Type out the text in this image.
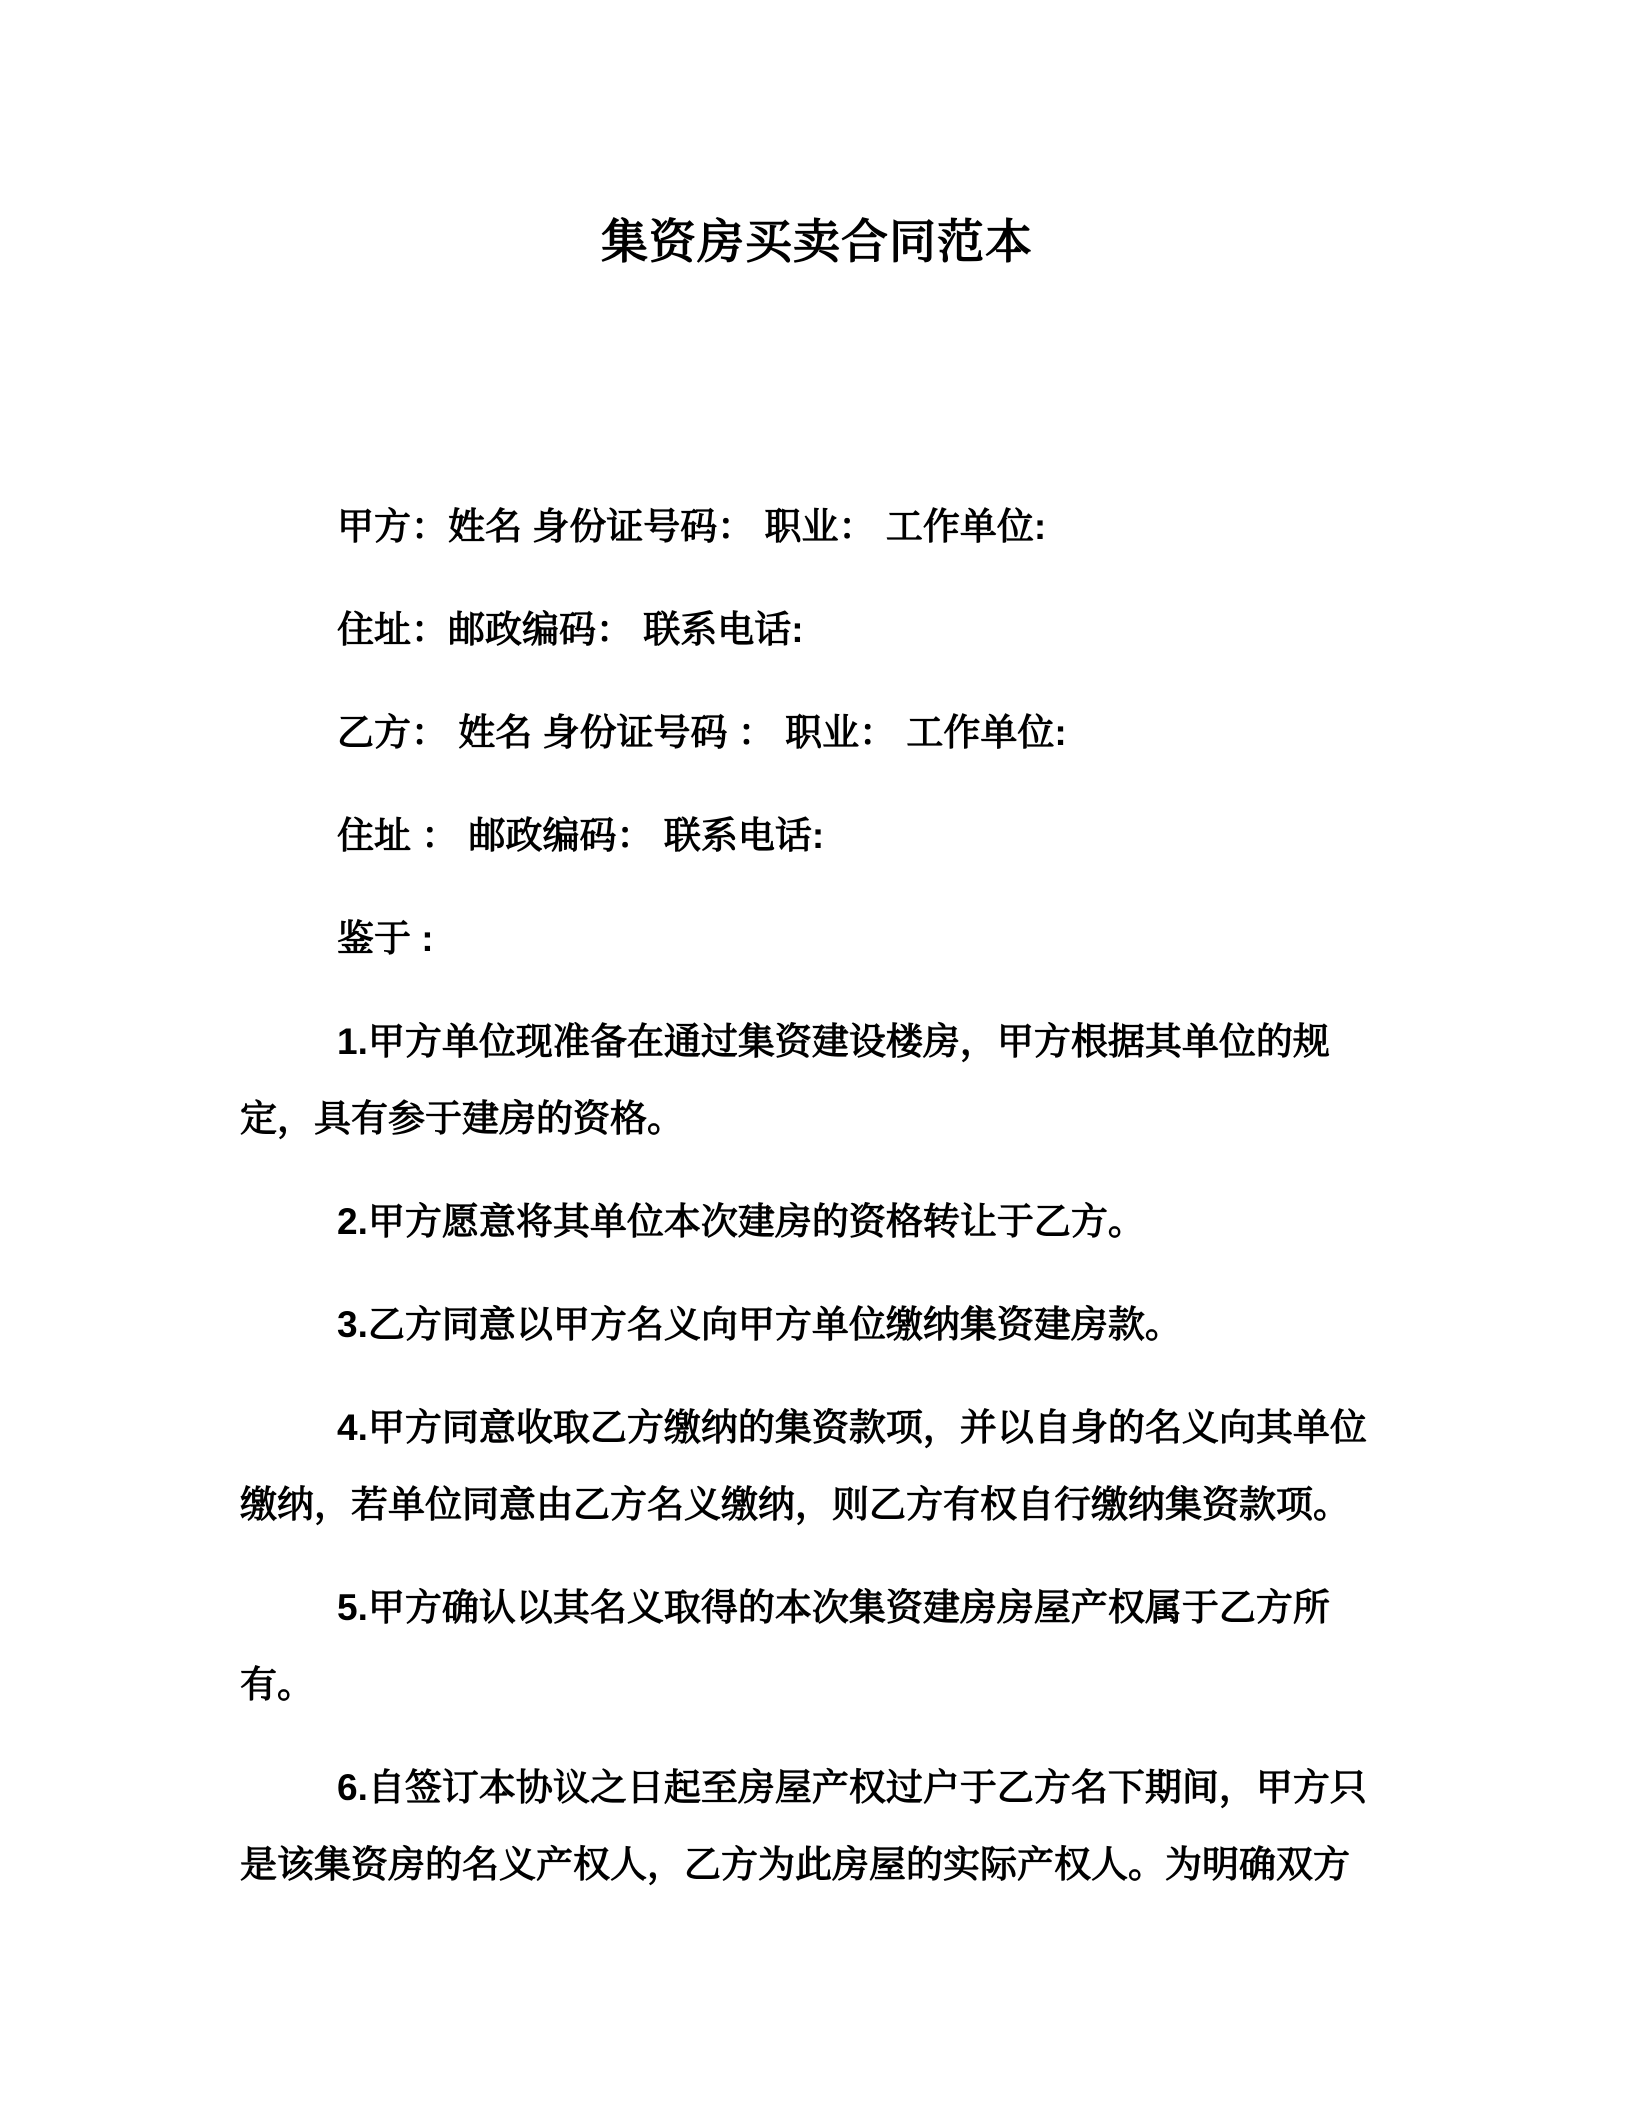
集资房买卖合同范本

甲方：姓名 身份证号码： 职业： 工作单位:

住址：邮政编码： 联系电话:

乙方： 姓名 身份证号码 ： 职业： 工作单位:

住址 ： 邮政编码： 联系电话:

鉴于 :

1.甲方单位现准备在通过集资建设楼房，甲方根据其单位的规定，具有参于建房的资格。

2.甲方愿意将其单位本次建房的资格转让于乙方。

3.乙方同意以甲方名义向甲方单位缴纳集资建房款。

4.甲方同意收取乙方缴纳的集资款项，并以自身的名义向其单位缴纳，若单位同意由乙方名义缴纳，则乙方有权自行缴纳集资款项。

5.甲方确认以其名义取得的本次集资建房房屋产权属于乙方所有。

6.自签订本协议之日起至房屋产权过户于乙方名下期间，甲方只是该集资房的名义产权人，乙方为此房屋的实际产权人。为明确双方
